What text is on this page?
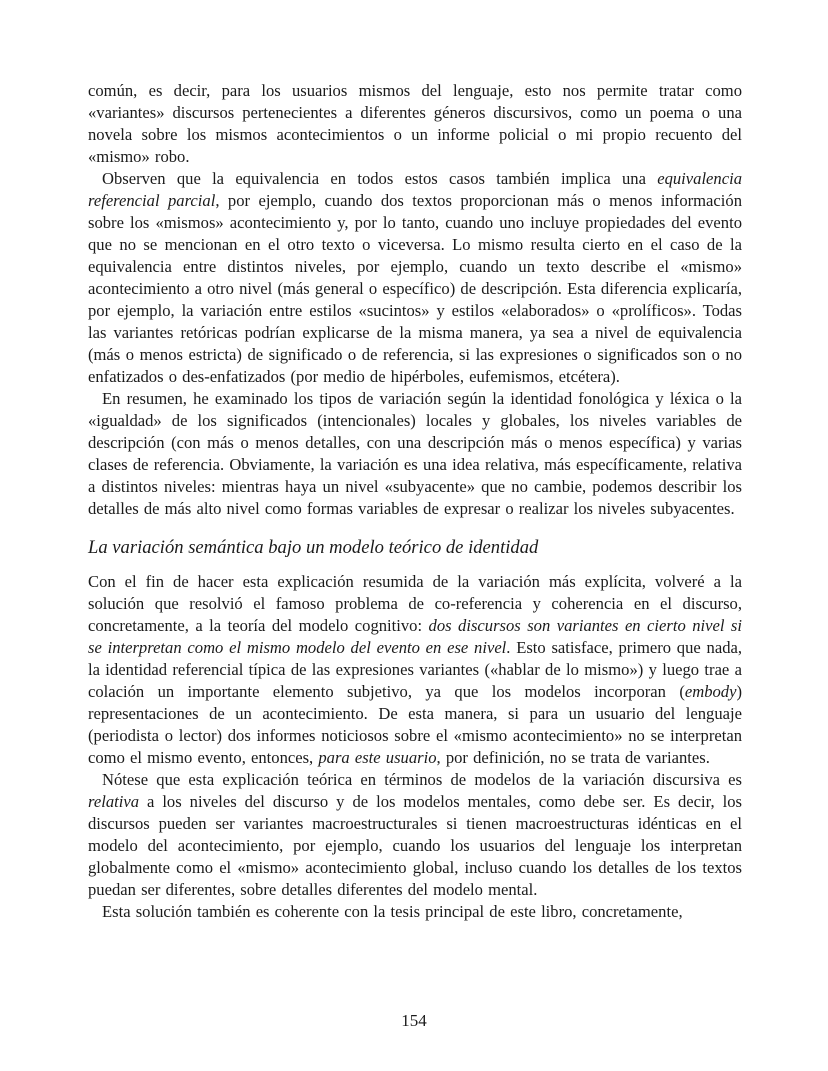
común, es decir, para los usuarios mismos del lenguaje, esto nos permite tratar como «variantes» discursos pertenecientes a diferentes géneros discursivos, como un poema o una novela sobre los mismos acontecimientos o un informe policial o mi propio recuento del «mismo» robo.

Observen que la equivalencia en todos estos casos también implica una equivalencia referencial parcial, por ejemplo, cuando dos textos proporcionan más o menos información sobre los «mismos» acontecimiento y, por lo tanto, cuando uno incluye propiedades del evento que no se mencionan en el otro texto o viceversa. Lo mismo resulta cierto en el caso de la equivalencia entre distintos niveles, por ejemplo, cuando un texto describe el «mismo» acontecimiento a otro nivel (más general o específico) de descripción. Esta diferencia explicaría, por ejemplo, la variación entre estilos «sucintos» y estilos «elaborados» o «prolíficos». Todas las variantes retóricas podrían explicarse de la misma manera, ya sea a nivel de equivalencia (más o menos estricta) de significado o de referencia, si las expresiones o significados son o no enfatizados o des-enfatizados (por medio de hipérboles, eufemismos, etcétera).

En resumen, he examinado los tipos de variación según la identidad fonológica y léxica o la «igualdad» de los significados (intencionales) locales y globales, los niveles variables de descripción (con más o menos detalles, con una descripción más o menos específica) y varias clases de referencia. Obviamente, la variación es una idea relativa, más específicamente, relativa a distintos niveles: mientras haya un nivel «subyacente» que no cambie, podemos describir los detalles de más alto nivel como formas variables de expresar o realizar los niveles subyacentes.

La variación semántica bajo un modelo teórico de identidad

Con el fin de hacer esta explicación resumida de la variación más explícita, volveré a la solución que resolvió el famoso problema de co-referencia y coherencia en el discurso, concretamente, a la teoría del modelo cognitivo: dos discursos son variantes en cierto nivel si se interpretan como el mismo modelo del evento en ese nivel. Esto satisface, primero que nada, la identidad referencial típica de las expresiones variantes («hablar de lo mismo») y luego trae a colación un importante elemento subjetivo, ya que los modelos incorporan (embody) representaciones de un acontecimiento. De esta manera, si para un usuario del lenguaje (periodista o lector) dos informes noticiosos sobre el «mismo acontecimiento» no se interpretan como el mismo evento, entonces, para este usuario, por definición, no se trata de variantes.

Nótese que esta explicación teórica en términos de modelos de la variación discursiva es relativa a los niveles del discurso y de los modelos mentales, como debe ser. Es decir, los discursos pueden ser variantes macroestructurales si tienen macroestructuras idénticas en el modelo del acontecimiento, por ejemplo, cuando los usuarios del lenguaje los interpretan globalmente como el «mismo» acontecimiento global, incluso cuando los detalles de los textos puedan ser diferentes, sobre detalles diferentes del modelo mental.

Esta solución también es coherente con la tesis principal de este libro, concretamente,

154
